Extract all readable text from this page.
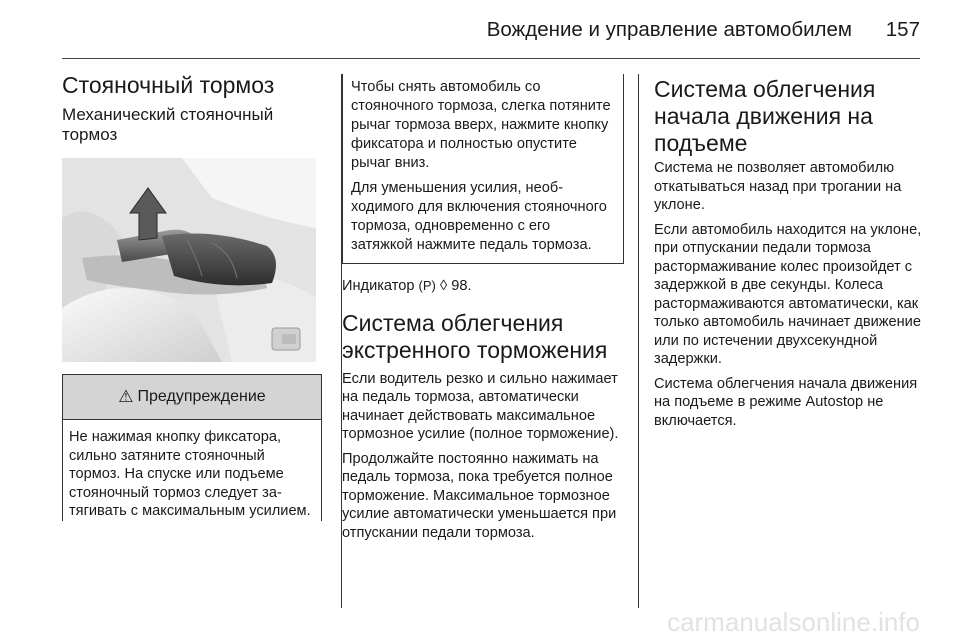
Вождение и управление автомобилем 157
Стояночный тормоз
Механический стояночный тормоз
⚠ Предупреждение

Не нажимая кнопку фиксатора, сильно затяните стояночный тормоз. На спуске или подъеме стояночный тормоз следует затягивать с максимальным усилием.

Чтобы снять автомобиль со стояночного тормоза, слегка потяните рычаг тормоза вверх, нажмите кнопку фиксатора и полностью опустите рычаг вниз.

Для уменьшения усилия, необходимого для включения стояночного тормоза, одновременно с его затяжкой нажмите педаль тормоза.

Индикатор (P) ◊ 98.

Система облегчения экстренного торможения

Если водитель резко и сильно нажимает на педаль тормоза, автоматически начинает действовать максимальное тормозное усилие (полное торможение).

Продолжайте постоянно нажимать на педаль тормоза, пока требуется полное торможение. Максимальное тормозное усилие автоматически уменьшается при отпускании педали тормоза.

Система облегчения начала движения на подъеме

Система не позволяет автомобилю откатываться назад при трогании на уклоне.

Если автомобиль находится на уклоне, при отпускании педали тормоза растормаживание колес произойдет с задержкой в две секунды. Колеса растормаживаются автоматически, как только автомобиль начинает движение или по истечении двухсекундной задержки.

Система облегчения начала движения на подъеме в режиме Autostop не включается.

carmanualsonline.info
